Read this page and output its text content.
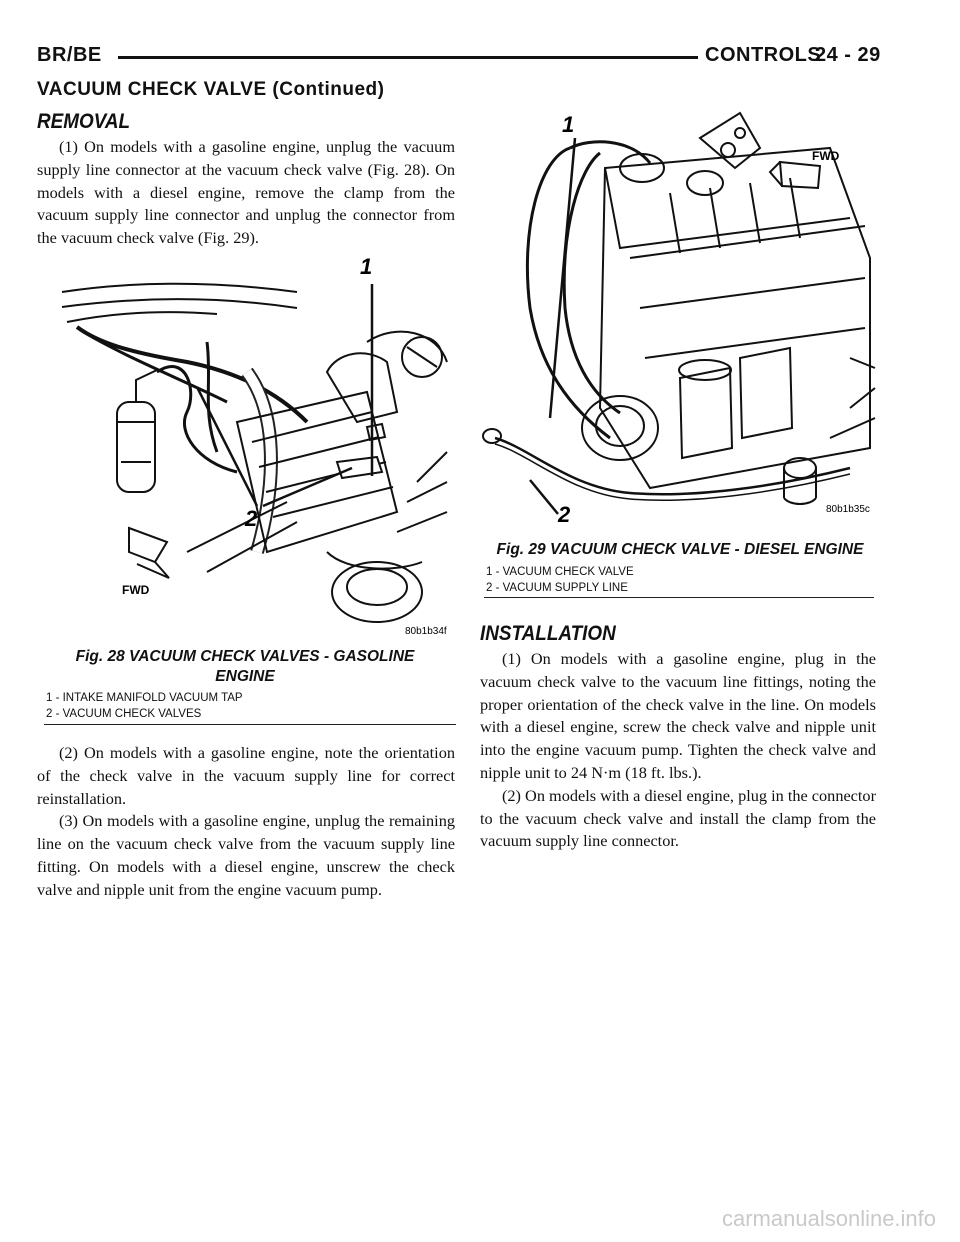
BR/BE	CONTROLS
24 - 29
VACUUM CHECK VALVE (Continued)
REMOVAL

(1) On models with a gasoline engine, unplug the vacuum supply line connector at the vacuum check valve (Fig. 28). On models with a diesel engine, remove the clamp from the vacuum supply line connector and unplug the connector from the vacuum check valve (Fig. 29).

1
2
FWD
80b1b34f
Fig. 28 VACUUM CHECK VALVES - GASOLINE
ENGINE
1 - INTAKE MANIFOLD VACUUM TAP
2 - VACUUM CHECK VALVES

(2) On models with a gasoline engine, note the orientation of the check valve in the vacuum supply line for correct reinstallation.

(3) On models with a gasoline engine, unplug the remaining line on the vacuum check valve from the vacuum supply line fitting. On models with a diesel engine, unscrew the check valve and nipple unit from the engine vacuum pump.

1
2
FWD
80b1b35c
Fig. 29 VACUUM CHECK VALVE - DIESEL ENGINE
1 - VACUUM CHECK VALVE
2 - VACUUM SUPPLY LINE
INSTALLATION

(1) On models with a gasoline engine, plug in the vacuum check valve to the vacuum line fittings, noting the proper orientation of the check valve in the line. On models with a diesel engine, screw the check valve and nipple unit into the engine vacuum pump. Tighten the check valve and nipple unit to 24 N·m (18 ft. lbs.).

(2) On models with a diesel engine, plug in the connector to the vacuum check valve and install the clamp from the vacuum supply line connector.

carmanualsonline.info
